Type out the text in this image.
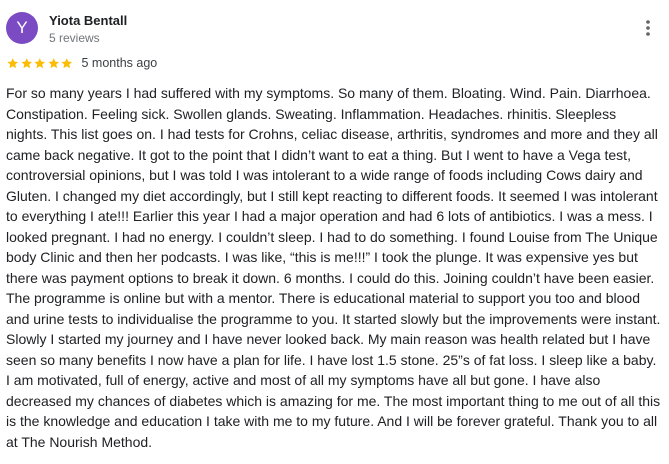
Y	Yiota Bentall
5 reviews
5 months ago

For so many years I had suffered with my symptoms. So many of them. Bloating. Wind. Pain. Diarrhoea. Constipation. Feeling sick. Swollen glands. Sweating. Inflammation. Headaches. rhinitis. Sleepless nights. This list goes on. I had tests for Crohns, celiac disease, arthritis, syndromes and more and they all came back negative. It got to the point that I didn’t want to eat a thing. But I went to have a Vega test, controversial opinions, but I was told I was intolerant to a wide range of foods including Cows dairy and Gluten. I changed my diet accordingly, but I still kept reacting to different foods. It seemed I was intolerant to everything I ate!!! Earlier this year I had a major operation and had 6 lots of antibiotics. I was a mess. I looked pregnant. I had no energy. I couldn’t sleep. I had to do something. I found Louise from The Unique body Clinic and then her podcasts. I was like, “this is me!!!” I took the plunge. It was expensive yes but there was payment options to break it down. 6 months. I could do this. Joining couldn’t have been easier. The programme is online but with a mentor. There is educational material to support you too and blood and urine tests to individualise the programme to you. It started slowly but the improvements were instant. Slowly I started my journey and I have never looked back. My main reason was health related but I have seen so many benefits I now have a plan for life. I have lost 1.5 stone. 25”s of fat loss. I sleep like a baby. I am motivated, full of energy, active and most of all my symptoms have all but gone. I have also decreased my chances of diabetes which is amazing for me. The most important thing to me out of all this is the knowledge and education I take with me to my future. And I will be forever grateful. Thank you to all at The Nourish Method.
